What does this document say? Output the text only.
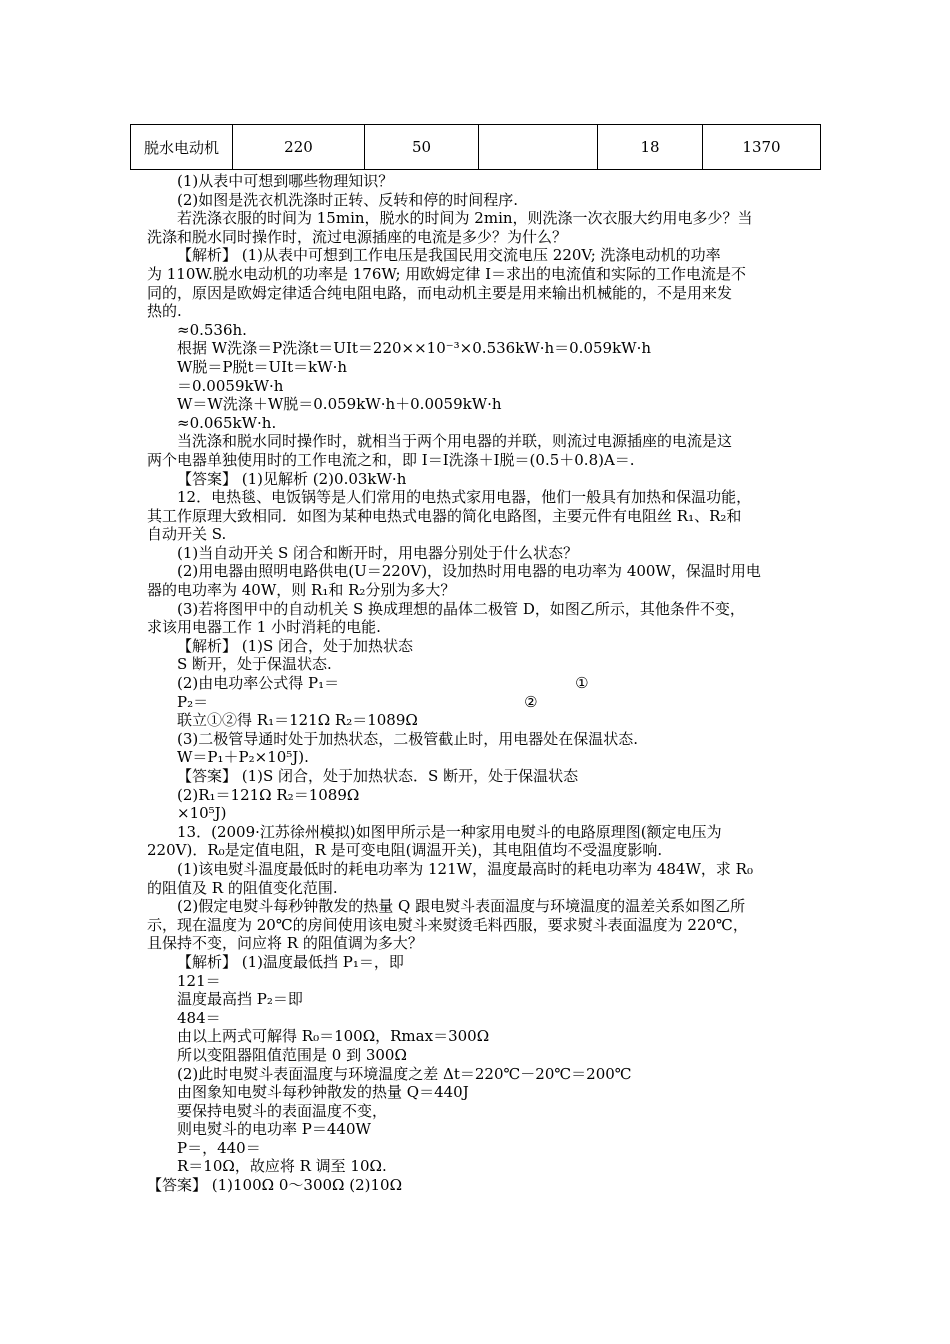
脱水电动机	220	50		18	1370

(1)从表中可想到哪些物理知识？

(2)如图是洗衣机洗涤时正转、反转和停的时间程序.

若洗涤衣服的时间为 15min，脱水的时间为 2min，则洗涤一次衣服大约用电多少？当

洗涤和脱水同时操作时，流过电源插座的电流是多少？为什么？

【解析】 (1)从表中可想到工作电压是我国民用交流电压 220V; 洗涤电动机的功率

为 110W.脱水电动机的功率是 176W; 用欧姆定律 I＝求出的电流值和实际的工作电流是不

同的，原因是欧姆定律适合纯电阻电路，而电动机主要是用来输出机械能的，不是用来发

热的.

≈0.536h.

根据 W洗涤＝P洗涤t＝UIt＝220××10⁻³×0.536kW·h＝0.059kW·h

W脱＝P脱t＝UIt＝kW·h

＝0.0059kW·h

W＝W洗涤＋W脱＝0.059kW·h＋0.0059kW·h

≈0.065kW·h.

当洗涤和脱水同时操作时，就相当于两个用电器的并联，则流过电源插座的电流是这

两个电器单独使用时的工作电流之和，即 I＝I洗涤＋I脱＝(0.5＋0.8)A＝.

【答案】 (1)见解析 (2)0.03kW·h

12．电热毯、电饭锅等是人们常用的电热式家用电器，他们一般具有加热和保温功能，

其工作原理大致相同．如图为某种电热式电器的简化电路图，主要元件有电阻丝 R₁、R₂和

自动开关 S.

(1)当自动开关 S 闭合和断开时，用电器分别处于什么状态？

(2)用电器由照明电路供电(U＝220V)，设加热时用电器的电功率为 400W，保温时用电

器的电功率为 40W，则 R₁和 R₂分别为多大？

(3)若将图甲中的自动机关 S 换成理想的晶体二极管 D，如图乙所示，其他条件不变，

求该用电器工作 1 小时消耗的电能.

【解析】 (1)S 闭合，处于加热状态

S 断开，处于保温状态.

(2)由电功率公式得 P₁＝	①

P₂＝	②

联立①②得 R₁＝121Ω R₂＝1089Ω

(3)二极管导通时处于加热状态，二极管截止时，用电器处在保温状态.

W＝P₁＋P₂×10⁵J).

【答案】 (1)S 闭合，处于加热状态．S 断开，处于保温状态

(2)R₁＝121Ω R₂＝1089Ω

×10⁵J)

13．(2009·江苏徐州模拟)如图甲所示是一种家用电熨斗的电路原理图(额定电压为

220V)．R₀是定值电阻，R 是可变电阻(调温开关)，其电阻值均不受温度影响.

(1)该电熨斗温度最低时的耗电功率为 121W，温度最高时的耗电功率为 484W，求 R₀

的阻值及 R 的阻值变化范围.

(2)假定电熨斗每秒钟散发的热量 Q 跟电熨斗表面温度与环境温度的温差关系如图乙所

示，现在温度为 20℃的房间使用该电熨斗来熨烫毛料西服，要求熨斗表面温度为 220℃，

且保持不变，问应将 R 的阻值调为多大？

【解析】 (1)温度最低挡 P₁＝，即

121＝

温度最高挡 P₂＝即

484＝

由以上两式可解得 R₀＝100Ω，Rmax＝300Ω

所以变阻器阻值范围是 0 到 300Ω

(2)此时电熨斗表面温度与环境温度之差 Δt＝220℃－20℃＝200℃

由图象知电熨斗每秒钟散发的热量 Q＝440J

要保持电熨斗的表面温度不变，

则电熨斗的电功率 P＝440W

P＝，440＝

R＝10Ω，故应将 R 调至 10Ω.

【答案】 (1)100Ω 0～300Ω (2)10Ω
